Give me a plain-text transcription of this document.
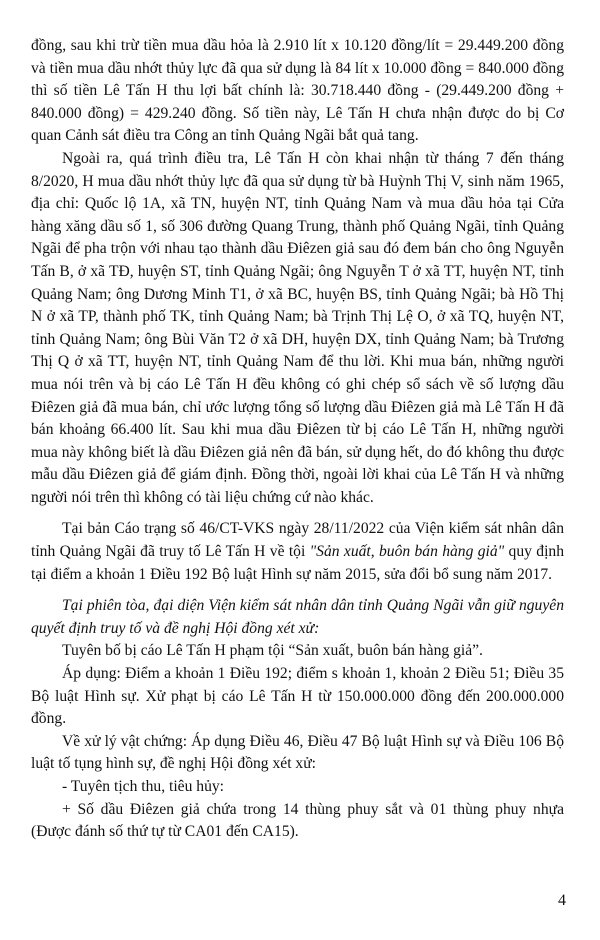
đồng, sau khi trừ tiền mua dầu hỏa là 2.910 lít x 10.120 đồng/lít = 29.449.200 đồng và tiền mua dầu nhớt thủy lực đã qua sử dụng là 84 lít x 10.000 đồng = 840.000 đồng thì số tiền Lê Tấn H thu lợi bất chính là: 30.718.440 đồng - (29.449.200 đồng + 840.000 đồng) = 429.240 đồng. Số tiền này, Lê Tấn H chưa nhận được do bị Cơ quan Cảnh sát điều tra Công an tỉnh Quảng Ngãi bắt quả tang.

Ngoài ra, quá trình điều tra, Lê Tấn H còn khai nhận từ tháng 7 đến tháng 8/2020, H mua dầu nhớt thủy lực đã qua sử dụng từ bà Huỳnh Thị V, sinh năm 1965, địa chỉ: Quốc lộ 1A, xã TN, huyện NT, tỉnh Quảng Nam và mua dầu hỏa tại Cửa hàng xăng dầu số 1, số 306 đường Quang Trung, thành phố Quảng Ngãi, tỉnh Quảng Ngãi để pha trộn với nhau tạo thành dầu Điêzen giả sau đó đem bán cho ông Nguyễn Tấn B, ở xã TĐ, huyện ST, tỉnh Quảng Ngãi; ông Nguyễn T ở xã TT, huyện NT, tỉnh Quảng Nam; ông Dương Minh T1, ở xã BC, huyện BS, tỉnh Quảng Ngãi; bà Hồ Thị N ở xã TP, thành phố TK, tỉnh Quảng Nam; bà Trịnh Thị Lệ O, ở xã TQ, huyện NT, tỉnh Quảng Nam; ông Bùi Văn T2 ở xã DH, huyện DX, tỉnh Quảng Nam; bà Trương Thị Q ở xã TT, huyện NT, tỉnh Quảng Nam để thu lời. Khi mua bán, những người mua nói trên và bị cáo Lê Tấn H đều không có ghi chép sổ sách về số lượng dầu Điêzen giả đã mua bán, chỉ ước lượng tổng số lượng dầu Điêzen giả mà Lê Tấn H đã bán khoảng 66.400 lít. Sau khi mua dầu Điêzen từ bị cáo Lê Tấn H, những người mua này không biết là dầu Điêzen giả nên đã bán, sử dụng hết, do đó không thu được mẫu dầu Điêzen giả để giám định. Đồng thời, ngoài lời khai của Lê Tấn H và những người nói trên thì không có tài liệu chứng cứ nào khác.

Tại bản Cáo trạng số 46/CT-VKS ngày 28/11/2022 của Viện kiểm sát nhân dân tỉnh Quảng Ngãi đã truy tố Lê Tấn H về tội "Sản xuất, buôn bán hàng giả" quy định tại điểm a khoản 1 Điều 192 Bộ luật Hình sự năm 2015, sửa đổi bổ sung năm 2017.

Tại phiên tòa, đại diện Viện kiểm sát nhân dân tỉnh Quảng Ngãi vẫn giữ nguyên quyết định truy tố và đề nghị Hội đồng xét xử:

Tuyên bố bị cáo Lê Tấn H phạm tội “Sản xuất, buôn bán hàng giả”.

Áp dụng: Điểm a khoản 1 Điều 192; điểm s khoản 1, khoản 2 Điều 51; Điều 35 Bộ luật Hình sự. Xử phạt bị cáo Lê Tấn H từ 150.000.000 đồng đến 200.000.000 đồng.

Về xử lý vật chứng: Áp dụng Điều 46, Điều 47 Bộ luật Hình sự và Điều 106 Bộ luật tố tụng hình sự, đề nghị Hội đồng xét xử:

- Tuyên tịch thu, tiêu hủy:

+ Số dầu Điêzen giả chứa trong 14 thùng phuy sắt và 01 thùng phuy nhựa (Được đánh số thứ tự từ CA01 đến CA15).

4
